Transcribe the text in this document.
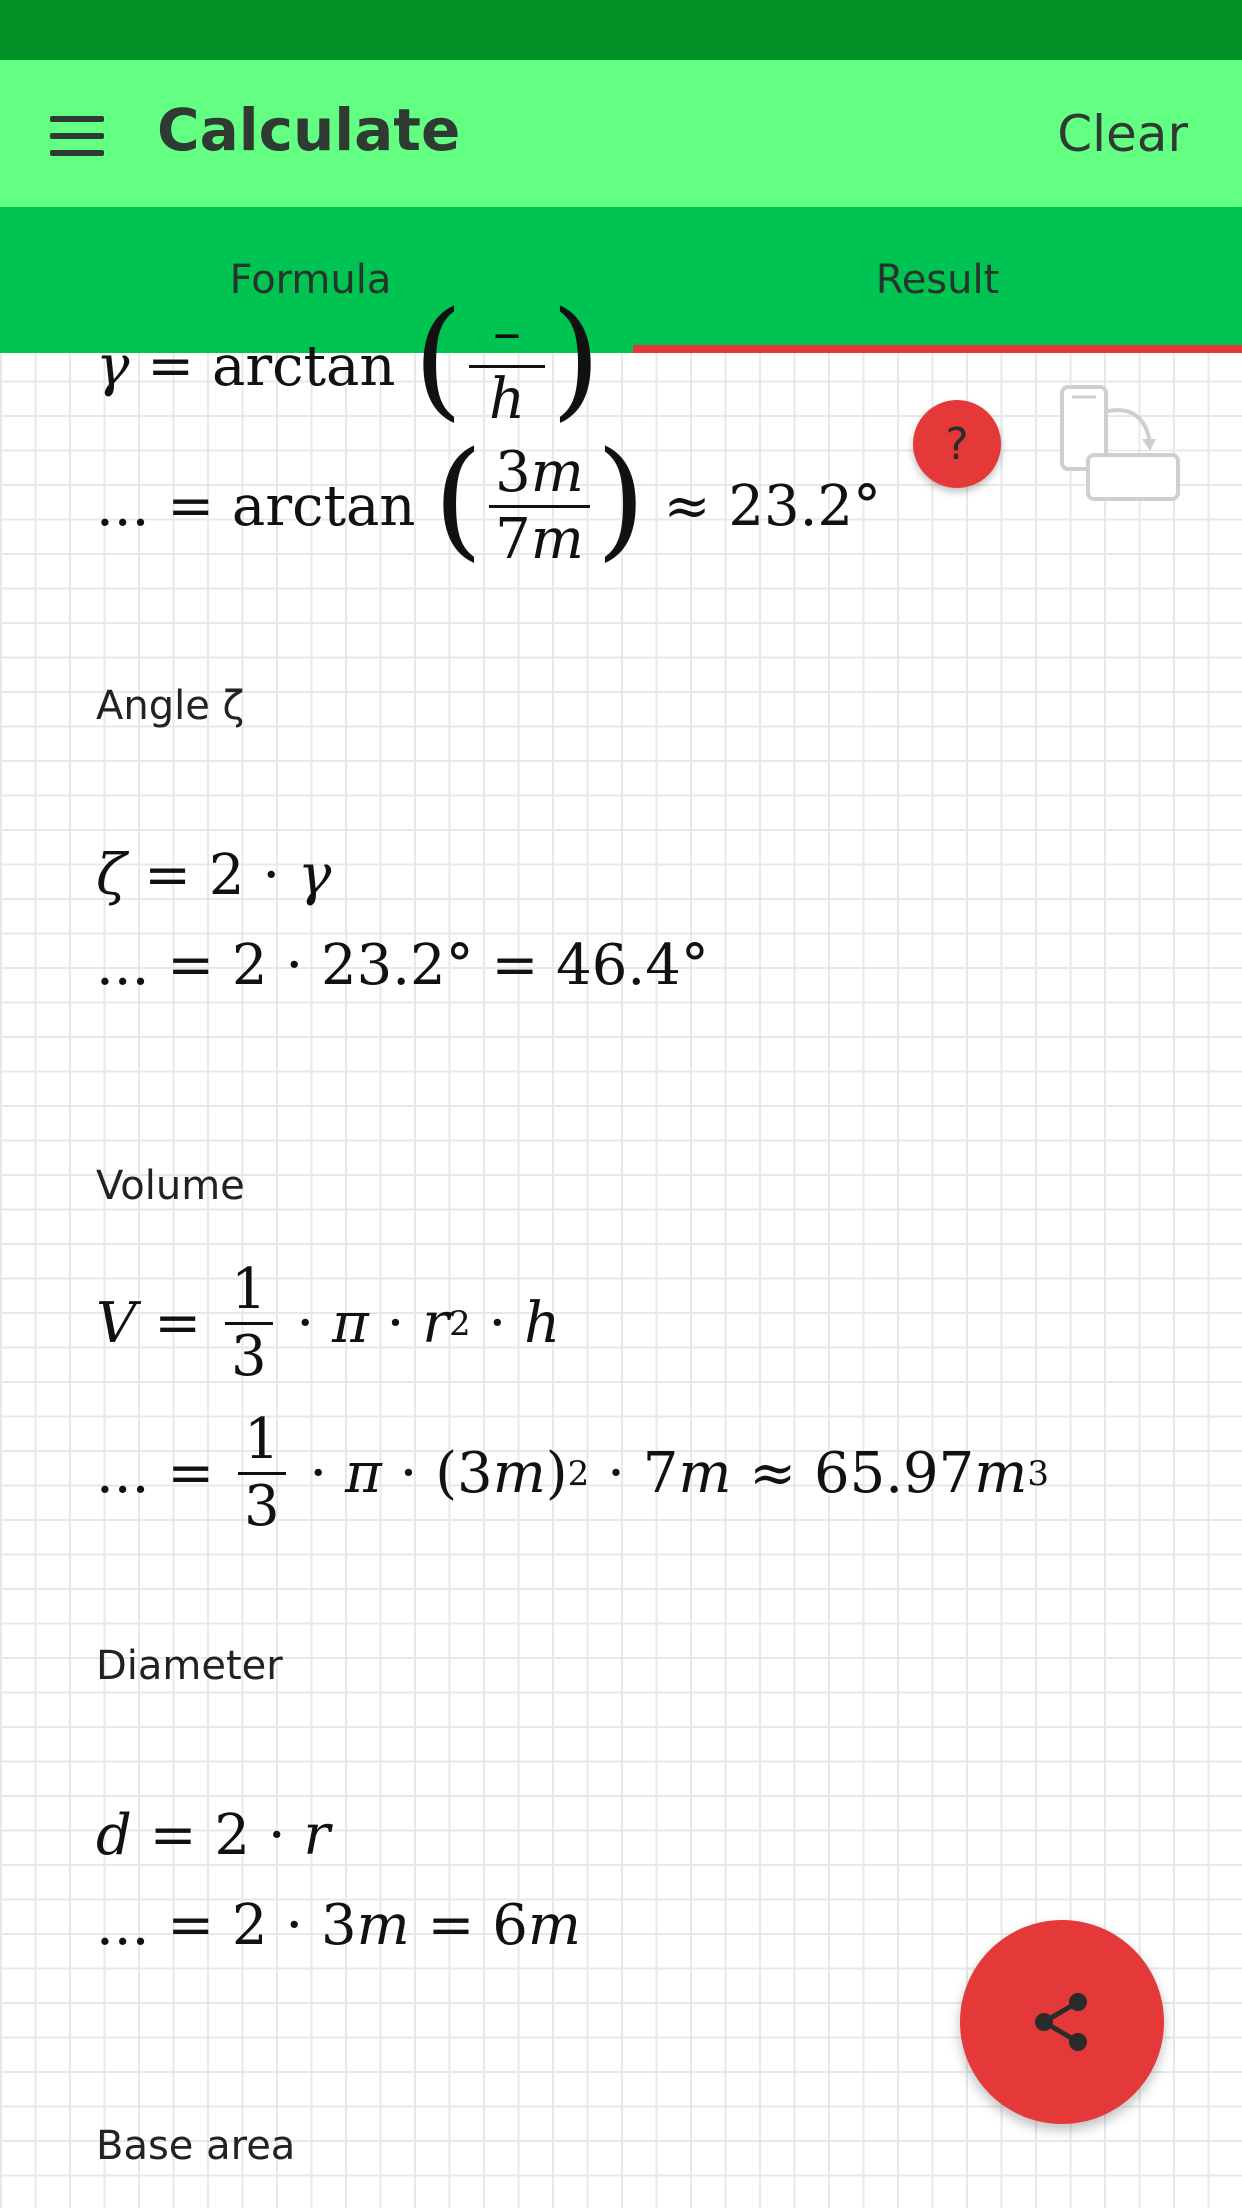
Calculate	Clear
Formula	Result
γ = arctan ( $\frac{-}{h}$ )
... = arctan ( $\frac{3m}{7m}$ ) ≈ 23.2°
Angle ζ
ζ = 2 · γ
... = 2 · 23.2° = 46.4°
Volume
$V = \frac{1}{3} \cdot \pi \cdot r$ 2 · h
... = $\frac{1}{3} \cdot \pi \cdot (3$ m ) 2 · 7 m ≈ 65.97 m 3
Diameter
d = 2 · r
... = 2 · 3 m = 6 m
Base area
?
